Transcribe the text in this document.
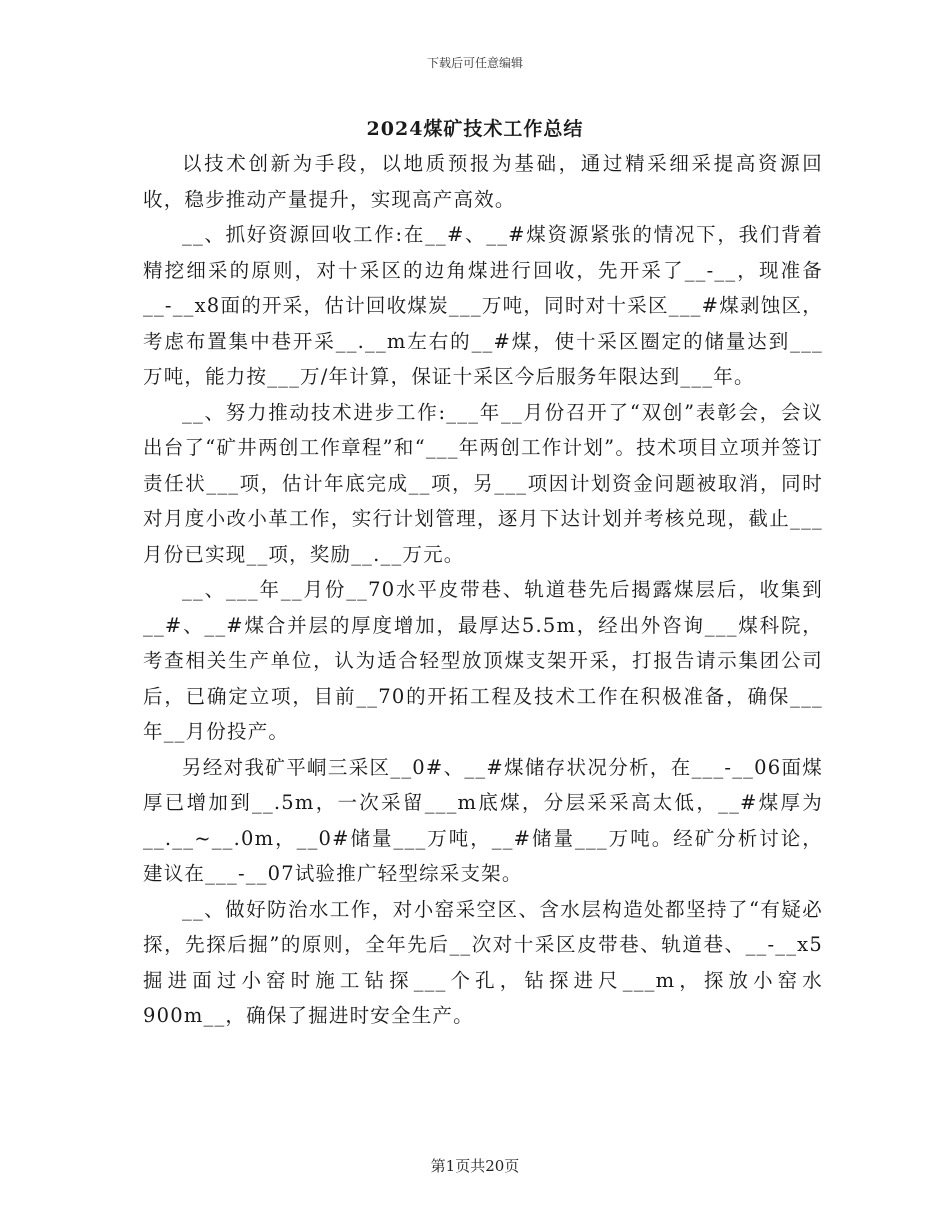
下载后可任意编辑
2024煤矿技术工作总结

以技术创新为手段，以地质预报为基础，通过精采细采提高资源回收，稳步推动产量提升，实现高产高效。

__、抓好资源回收工作:在__#、__#煤资源紧张的情况下，我们背着精挖细采的原则，对十采区的边角煤进行回收，先开采了__-__，现准备__-__x8面的开采，估计回收煤炭___万吨，同时对十采区___#煤剥蚀区，考虑布置集中巷开采__.__m左右的__#煤，使十采区圈定的储量达到___万吨，能力按___万/年计算，保证十采区今后服务年限达到___年。

__、努力推动技术进步工作:___年__月份召开了“双创”表彰会，会议出台了“矿井两创工作章程”和“___年两创工作计划”。技术项目立项并签订责任状___项，估计年底完成__项，另___项因计划资金问题被取消，同时对月度小改小革工作，实行计划管理，逐月下达计划并考核兑现，截止___月份已实现__项，奖励__.__万元。

__、___年__月份__70水平皮带巷、轨道巷先后揭露煤层后，收集到__#、__#煤合并层的厚度增加，最厚达5.5m，经出外咨询___煤科院，考查相关生产单位，认为适合轻型放顶煤支架开采，打报告请示集团公司后，已确定立项，目前__70的开拓工程及技术工作在积极准备，确保___年__月份投产。

另经对我矿平峒三采区__0#、__#煤储存状况分析，在___-__06面煤厚已增加到__.5m，一次采留___m底煤，分层采采高太低，__#煤厚为__.__~__.0m，__0#储量___万吨，__#储量___万吨。经矿分析讨论，建议在___-__07试验推广轻型综采支架。

__、做好防治水工作，对小窑采空区、含水层构造处都坚持了“有疑必探，先探后掘”的原则，全年先后__次对十采区皮带巷、轨道巷、__-__x5掘进面过小窑时施工钻探___个孔，钻探进尺___m，探放小窑水900m__，确保了掘进时安全生产。

第1页共20页
